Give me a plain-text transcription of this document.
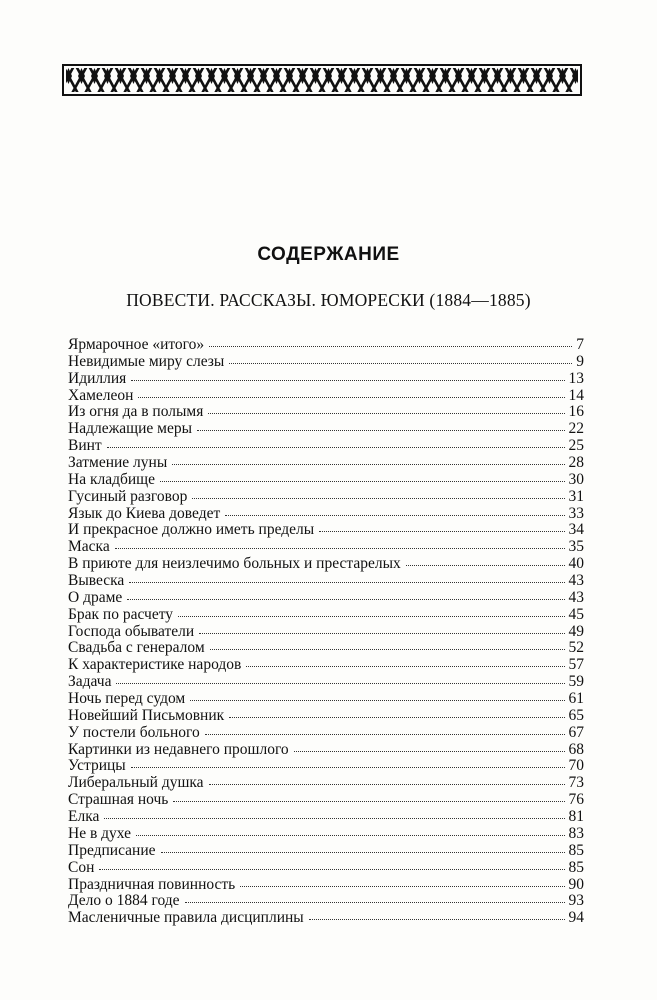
СОДЕРЖАНИЕ
ПОВЕСТИ. РАССКАЗЫ. ЮМОРЕСКИ (1884—1885)
Ярмарочное «итого»	7
Невидимые миру слезы	9
Идиллия	13
Хамелеон	14
Из огня да в полымя	16
Надлежащие меры	22
Винт	25
Затмение луны	28
На кладбище	30
Гусиный разговор	31
Язык до Киева доведет	33
И прекрасное должно иметь пределы	34
Маска	35
В приюте для неизлечимо больных и престарелых	40
Вывеска	43
О драме	43
Брак по расчету	45
Господа обыватели	49
Свадьба с генералом	52
К характеристике народов	57
Задача	59
Ночь перед судом	61
Новейший Письмовник	65
У постели больного	67
Картинки из недавнего прошлого	68
Устрицы	70
Либеральный душка	73
Страшная ночь	76
Елка	81
Не в духе	83
Предписание	85
Сон	85
Праздничная повинность	90
Дело о 1884 годе	93
Масленичные правила дисциплины	94
